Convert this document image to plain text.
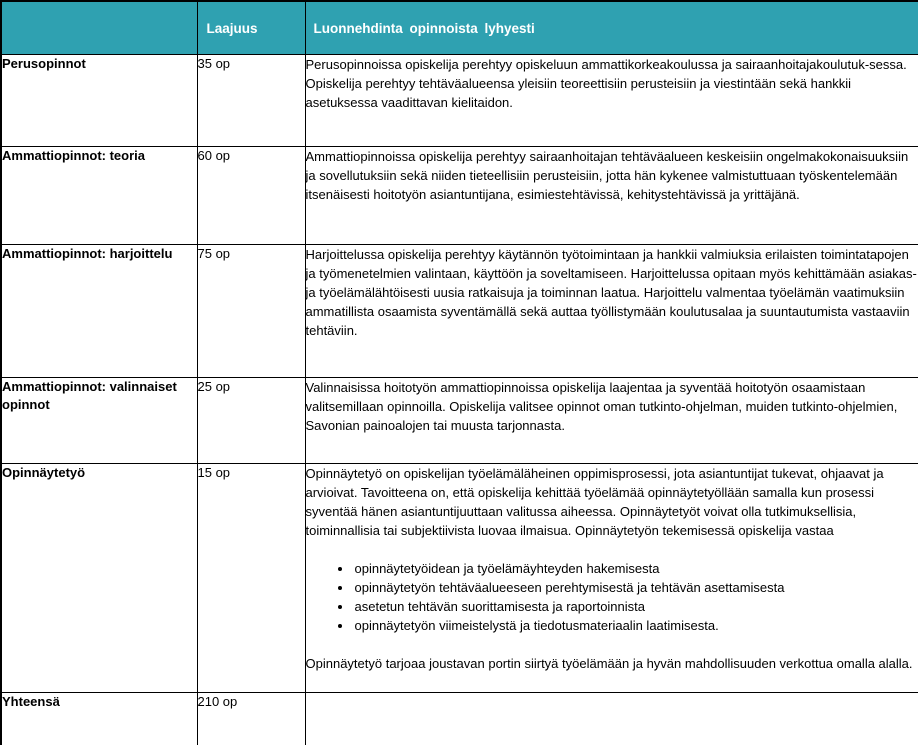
	Laajuus	Luonnehdinta opinnoista lyhyesti
Perusopinnot	35 op	Perusopinnoissa opiskelija perehtyy opiskeluun ammattikorkeakoulussa ja sairaanhoitajakoulutuk-sessa. Opiskelija perehtyy tehtäväalueensa yleisiin teoreettisiin perusteisiin ja viestintään sekä hankkii asetuksessa vaadittavan kielitaidon.

Ammattiopinnot: teoria	60 op	Ammattiopinnoissa opiskelija perehtyy sairaanhoitajan tehtäväalueen keskeisiin ongelmakokonaisuuksiin ja sovellutuksiin sekä niiden tieteellisiin perusteisiin, jotta hän kykenee valmistuttuaan työskentelemään itsenäisesti hoitotyön asiantuntijana, esimiestehtävissä, kehitystehtävissä ja yrittäjänä.

Ammattiopinnot: harjoittelu	75 op	Harjoittelussa opiskelija perehtyy käytännön työtoimintaan ja hankkii valmiuksia erilaisten toimintatapojen ja työmenetelmien valintaan, käyttöön ja soveltamiseen. Harjoittelussa opitaan myös kehittämään asiakas- ja työelämälähtöisesti uusia ratkaisuja ja toiminnan laatua. Harjoittelu valmentaa työelämän vaatimuksiin ammatillista osaamista syventämällä sekä auttaa työllistymään koulutusalaa ja suuntautumista vastaaviin tehtäviin.

Ammattiopinnot: valinnaiset opinnot	25 op	Valinnaisissa hoitotyön ammattiopinnoissa opiskelija laajentaa ja syventää hoitotyön osaamistaan valitsemillaan opinnoilla. Opiskelija valitsee opinnot oman tutkinto-ohjelman, muiden tutkinto-ohjelmien, Savonian painoalojen tai muusta tarjonnasta.

Opinnäytetyö	15 op	Opinnäytetyö on opiskelijan työelämäläheinen oppimisprosessi, jota asiantuntijat tukevat, ohjaavat ja arvioivat. Tavoitteena on, että opiskelija kehittää työelämää opinnäytetyöllään samalla kun prosessi syventää hänen asiantuntijuuttaan valitussa aiheessa. Opinnäytetyöt voivat olla tutkimuksellisia, toiminnallisia tai subjektiivista luovaa ilmaisua. Opinnäytetyön tekemisessä opiskelija vastaa

• opinnäytetyöidean ja työelämäyhteyden hakemisesta
• opinnäytetyön tehtäväalueeseen perehtymisestä ja tehtävän asettamisesta
• asetetun tehtävän suorittamisesta ja raportoinnista
• opinnäytetyön viimeistelystä ja tiedotusmateriaalin laatimisesta.

Opinnäytetyö tarjoaa joustavan portin siirtyä työelämään ja hyvän mahdollisuuden verkottua omalla alalla.

Yhteensä	210 op	
